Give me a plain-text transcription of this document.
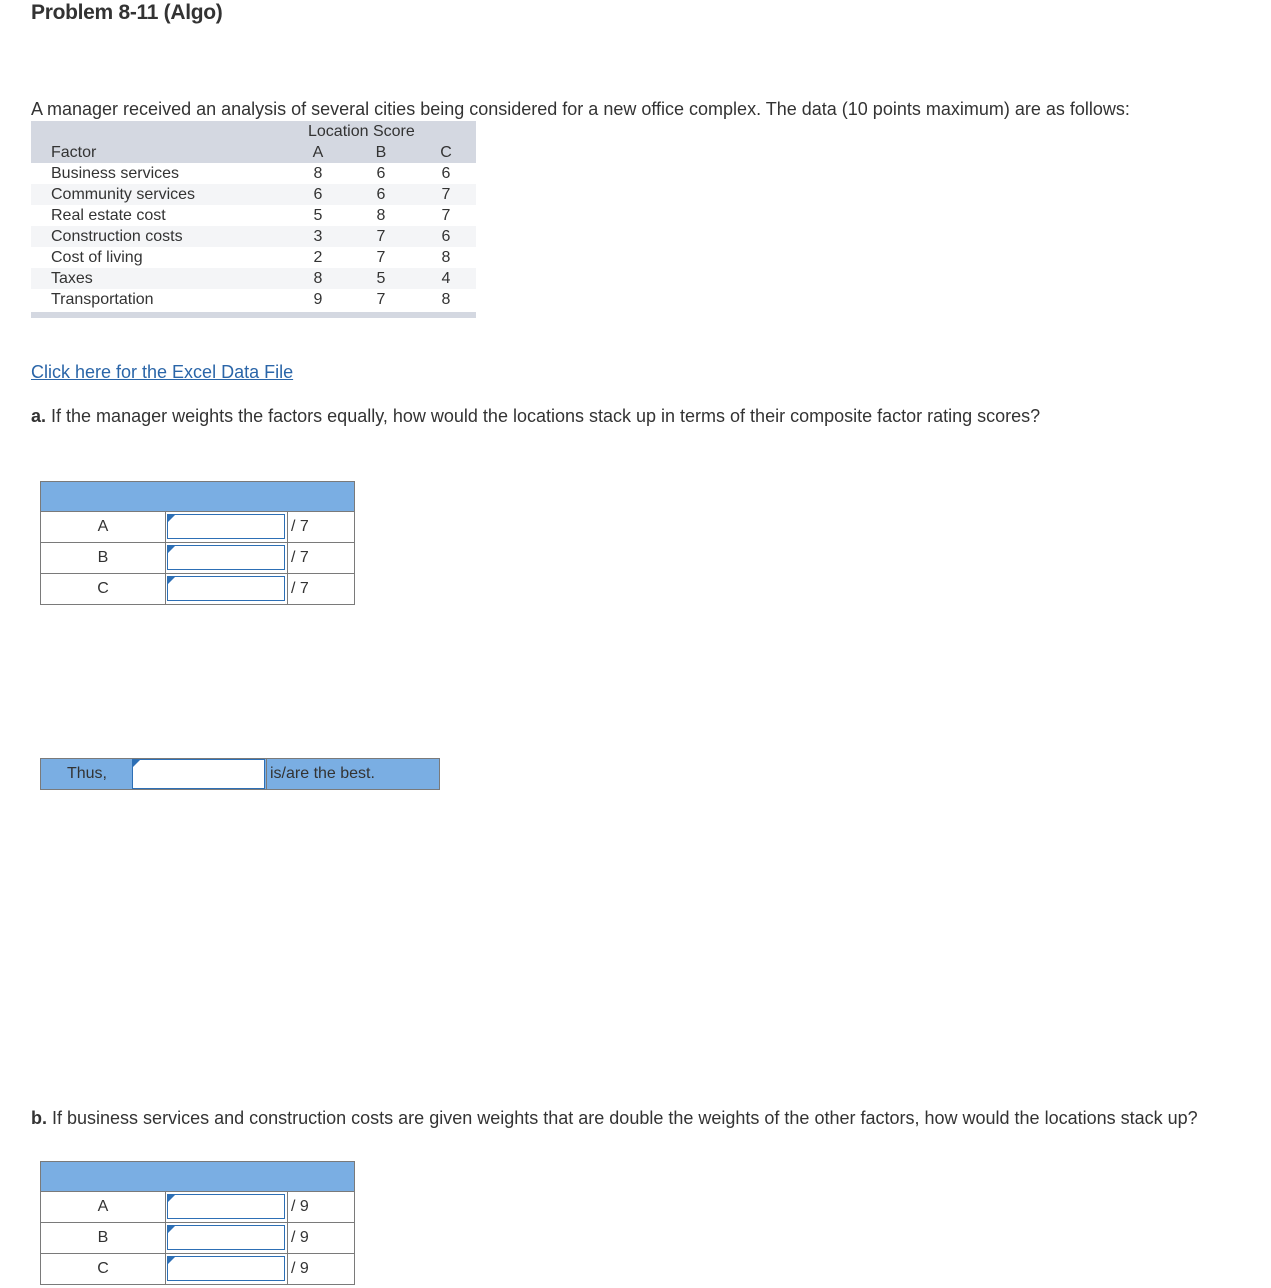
Problem 8-11 (Algo)
A manager received an analysis of several cities being considered for a new office complex. The data (10 points maximum) are as follows:
Location Score
Factor	A	B	C
Business services	8	6	6
Community services	6	6	7
Real estate cost	5	8	7
Construction costs	3	7	6
Cost of living	2	7	8
Taxes	8	5	4
Transportation	9	7	8
Click here for the Excel Data File
a. If the manager weights the factors equally, how would the locations stack up in terms of their composite factor rating scores?
A	/ 7
B	/ 7
C	/ 7
Thus,	is/are the best.
b. If business services and construction costs are given weights that are double the weights of the other factors, how would the locations stack up?
A	/ 9
B	/ 9
C	/ 9
